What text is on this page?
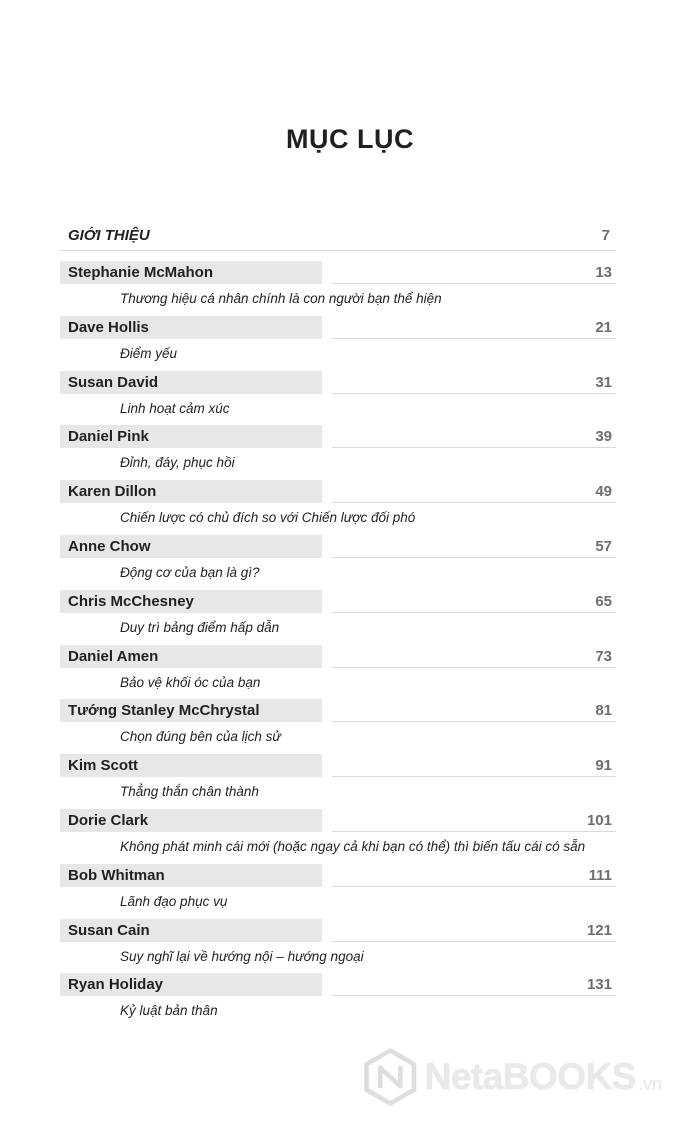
MỤC LỤC
GIỚI THIỆU	7
Stephanie McMahon	13
Thương hiệu cá nhân chính là con người bạn thể hiện
Dave Hollis	21
Điểm yếu
Susan David	31
Linh hoạt cảm xúc
Daniel Pink	39
Đỉnh, đáy, phục hồi
Karen Dillon	49
Chiến lược có chủ đích so với Chiến lược đối phó
Anne Chow	57
Động cơ của bạn là gì?
Chris McChesney	65
Duy trì bảng điểm hấp dẫn
Daniel Amen	73
Bảo vệ khối óc của bạn
Tướng Stanley McChrystal	81
Chọn đúng bên của lịch sử
Kim Scott	91
Thẳng thắn chân thành
Dorie Clark	101
Không phát minh cái mới (hoặc ngay cả khi bạn có thể) thì biến tấu cái có sẵn
Bob Whitman	111
Lãnh đạo phục vụ
Susan Cain	121
Suy nghĩ lại về hướng nội – hướng ngoại
Ryan Holiday	131
Kỷ luật bản thân
NetaBOOKS .vn
